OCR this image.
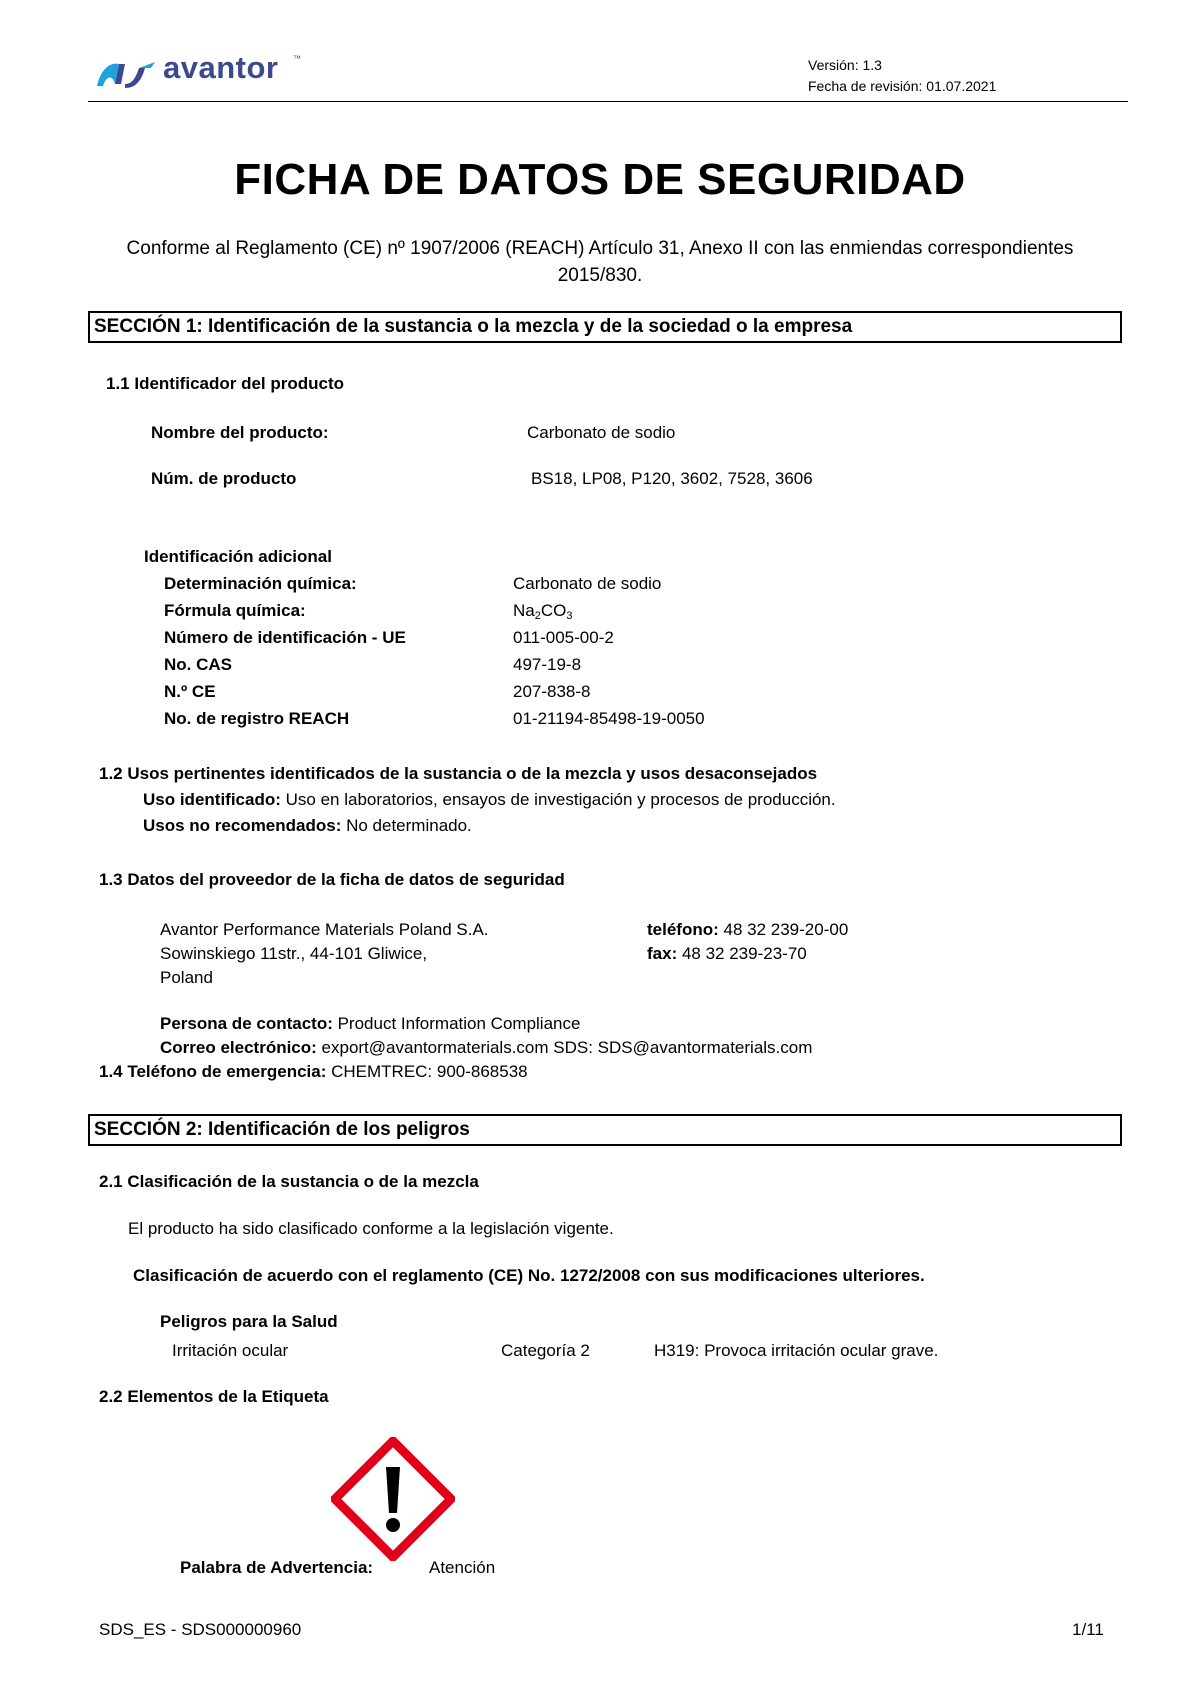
avantor ™	Versión: 1.3
Fecha de revisión: 01.07.2021
FICHA DE DATOS DE SEGURIDAD
Conforme al Reglamento (CE) nº 1907/2006 (REACH) Artículo 31, Anexo II con las enmiendas correspondientes 2015/830.
SECCIÓN 1: Identificación de la sustancia o la mezcla y de la sociedad o la empresa
1.1 Identificador del producto
Nombre del producto:	Carbonato de sodio
Núm. de producto	BS18, LP08, P120, 3602, 7528, 3606
Identificación adicional
Determinación química:	Carbonato de sodio
Fórmula química:	$Na_2CO_3$
Número de identificación - UE	011-005-00-2
No. CAS	497-19-8
N.º CE	207-838-8
No. de registro REACH	01-21194-85498-19-0050
1.2 Usos pertinentes identificados de la sustancia o de la mezcla y usos desaconsejados
Uso identificado: Uso en laboratorios, ensayos de investigación y procesos de producción.
Usos no recomendados: No determinado.
1.3 Datos del proveedor de la ficha de datos de seguridad
Avantor Performance Materials Poland S.A.
Sowinskiego 11str., 44-101 Gliwice,
Poland
teléfono: 48 32 239-20-00
fax: 48 32 239-23-70
Persona de contacto: Product Information Compliance
Correo electrónico: export@avantormaterials.com SDS: SDS@avantormaterials.com
1.4 Teléfono de emergencia: CHEMTREC: 900-868538
SECCIÓN 2: Identificación de los peligros
2.1 Clasificación de la sustancia o de la mezcla
El producto ha sido clasificado conforme a la legislación vigente.
Clasificación de acuerdo con el reglamento (CE) No. 1272/2008 con sus modificaciones ulteriores.
Peligros para la Salud
Irritación ocular	Categoría 2	H319: Provoca irritación ocular grave.
2.2 Elementos de la Etiqueta
Palabra de Advertencia:	Atención
SDS_ES - SDS000000960	1/11
